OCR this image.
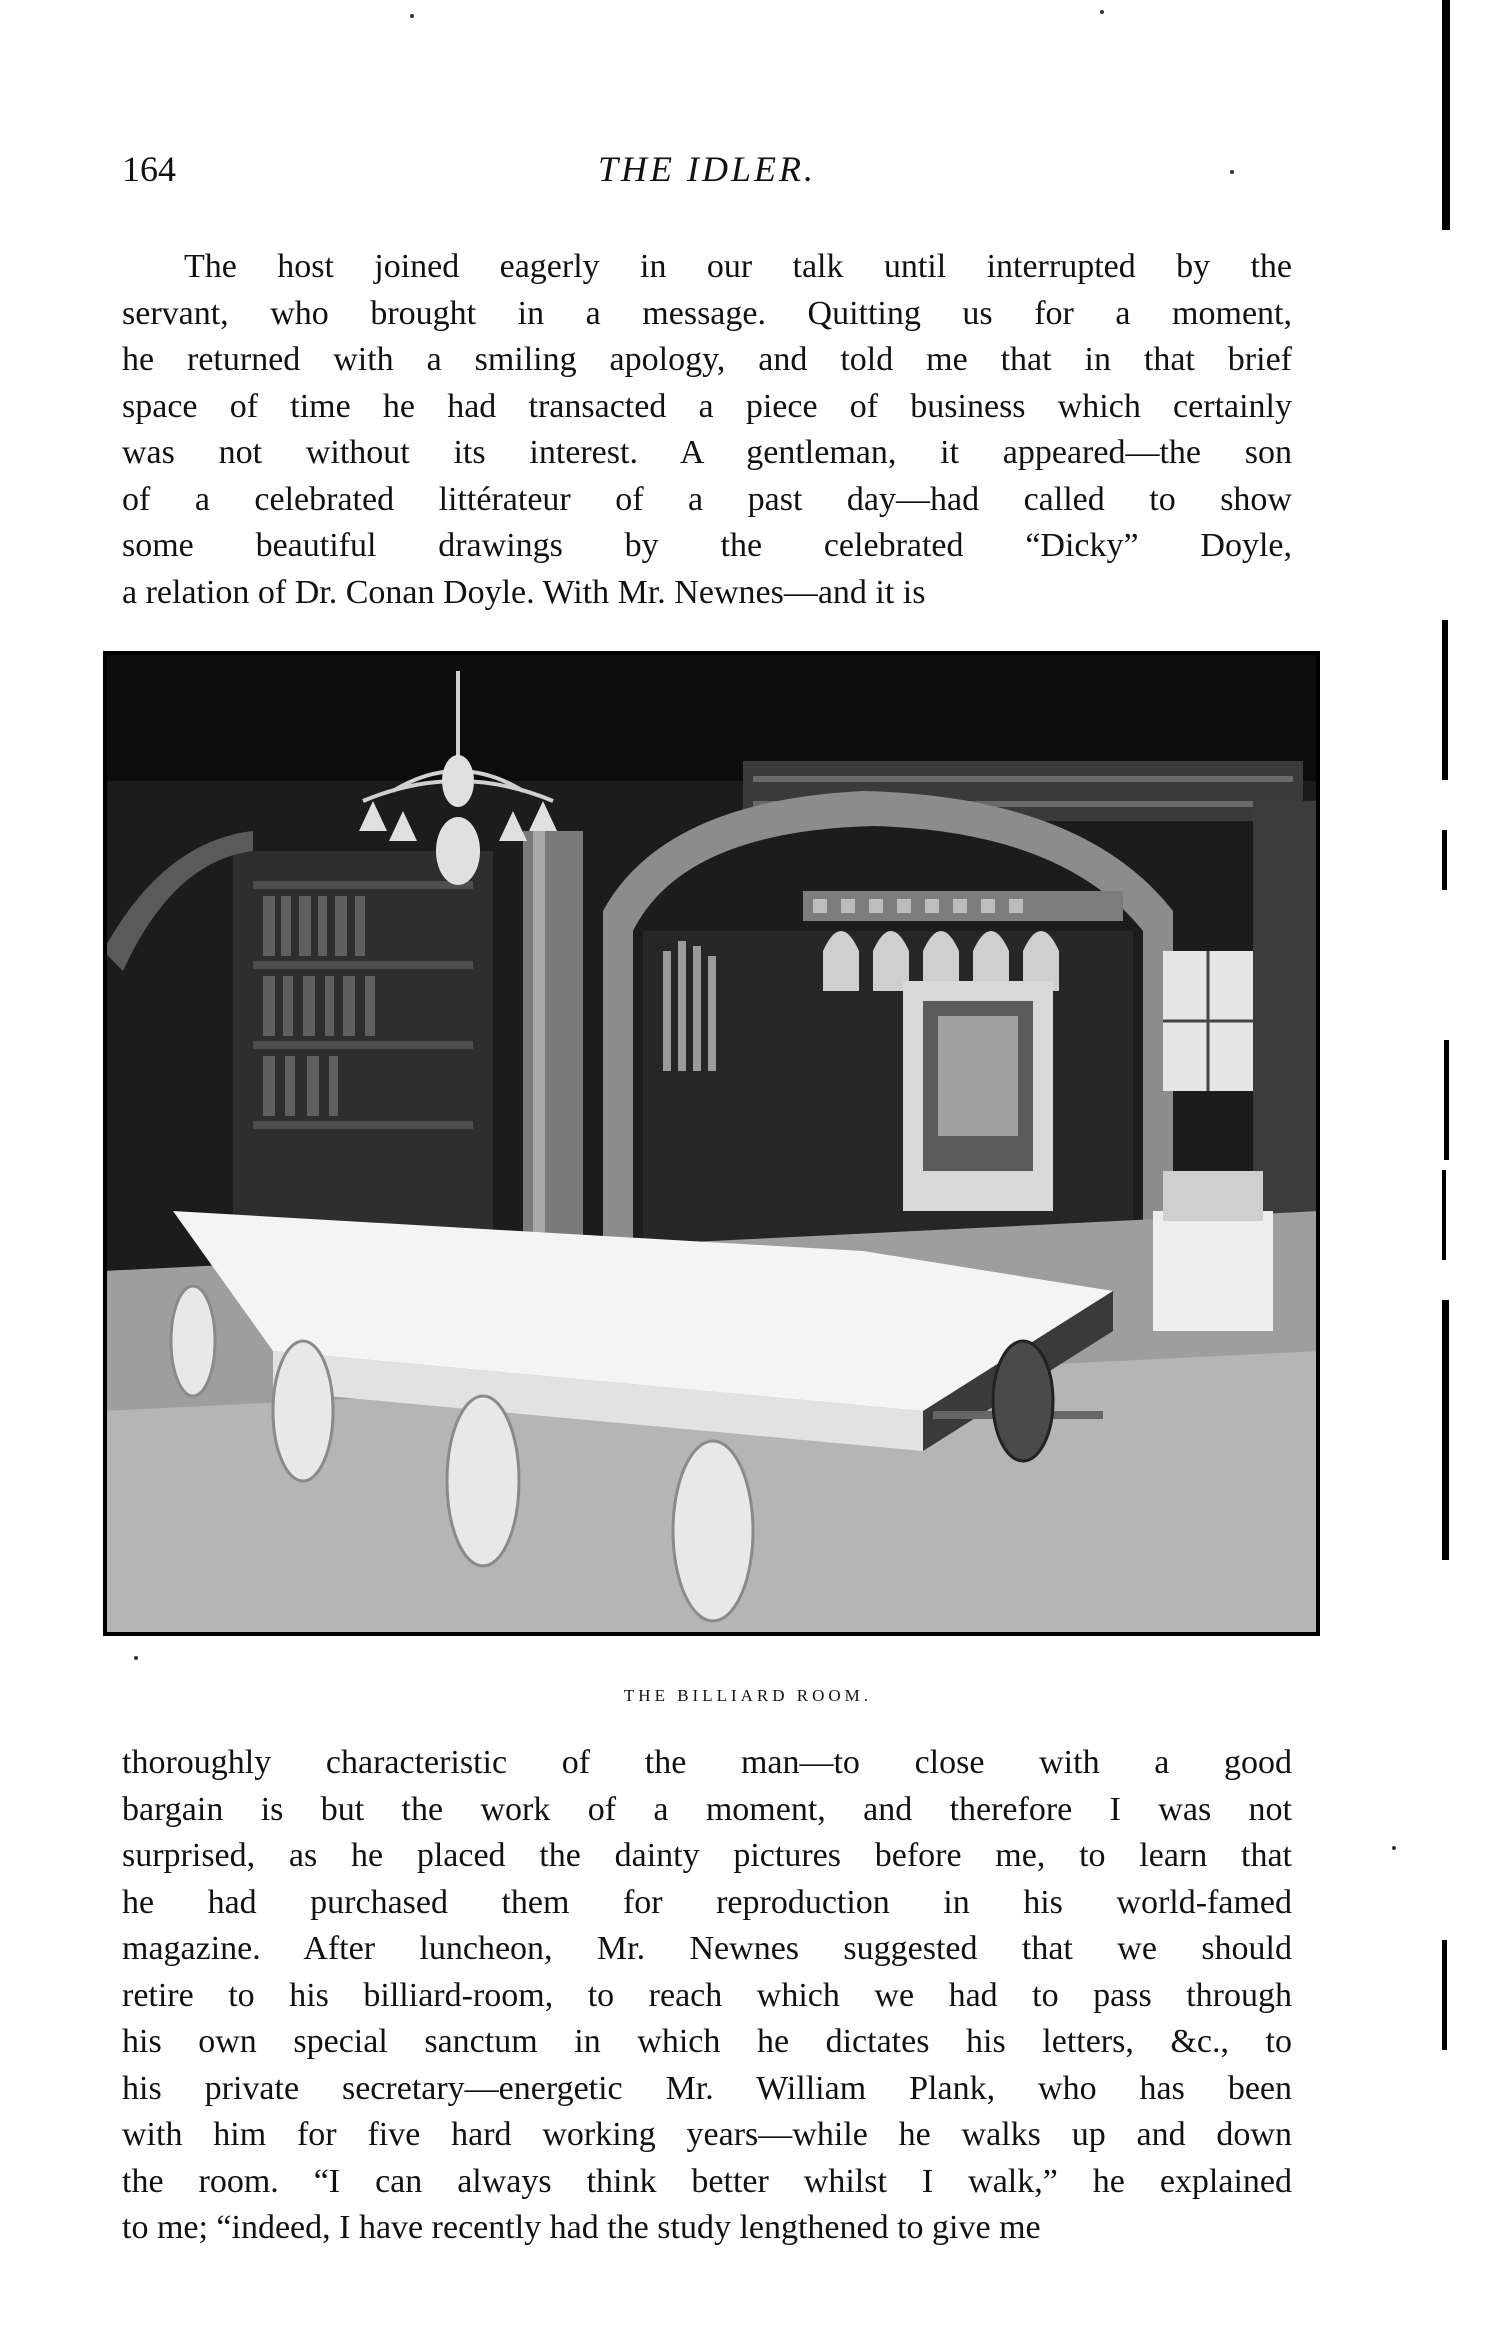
164	THE IDLER.
The host joined eagerly in our talk until interrupted by the
servant, who brought in a message. Quitting us for a moment,
he returned with a smiling apology, and told me that in that brief
space of time he had transacted a piece of business which certainly
was not without its interest. A gentleman, it appeared—the son
of a celebrated littérateur of a past day—had called to show
some beautiful drawings by the celebrated “Dicky” Doyle,
a relation of Dr. Conan Doyle. With Mr. Newnes—and it is
THE BILLIARD ROOM.
thoroughly characteristic of the man—to close with a good
bargain is but the work of a moment, and therefore I was not
surprised, as he placed the dainty pictures before me, to learn that
he had purchased them for reproduction in his world-famed
magazine. After luncheon, Mr. Newnes suggested that we should
retire to his billiard-room, to reach which we had to pass through
his own special sanctum in which he dictates his letters, &c., to
his private secretary—energetic Mr. William Plank, who has been
with him for five hard working years—while he walks up and down
the room. “I can always think better whilst I walk,” he explained
to me; “indeed, I have recently had the study lengthened to give me
